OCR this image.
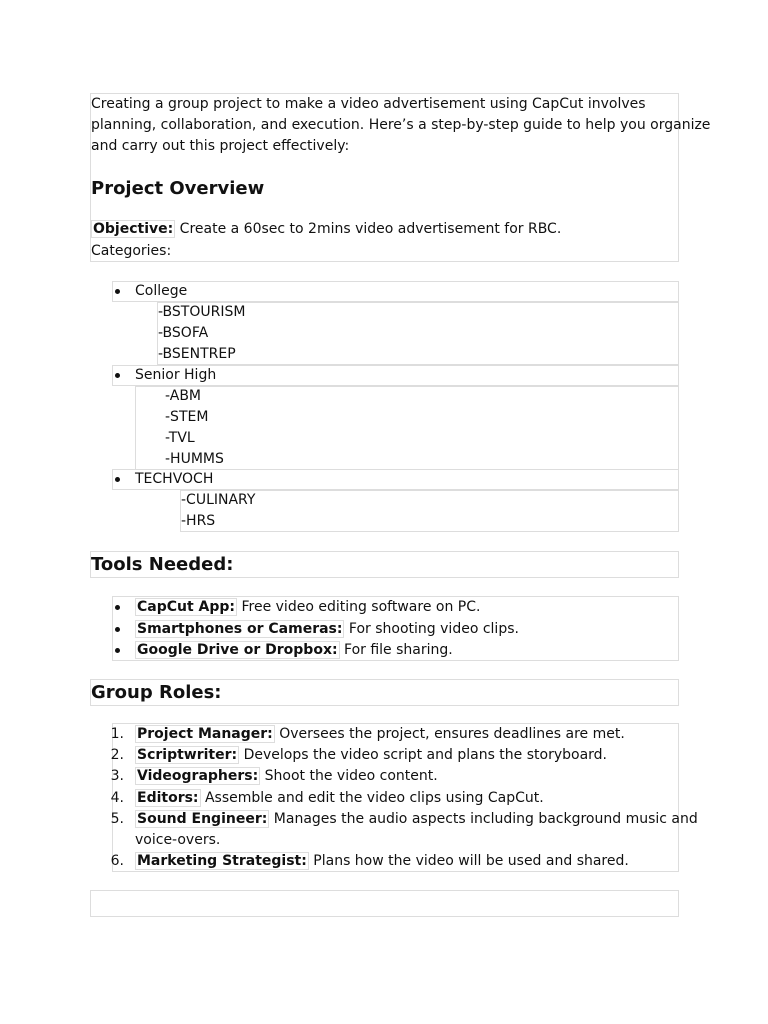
Creating a group project to make a video advertisement using CapCut involves
planning, collaboration, and execution. Here’s a step-by-step guide to help you organize
and carry out this project effectively:
Project Overview
Objective: Create a 60sec to 2mins video advertisement for RBC.
Categories:
College
-BSTOURISM
-BSOFA
-BSENTREP
Senior High
-ABM
-STEM
-TVL
-HUMMS
TECHVOCH
-CULINARY
-HRS
Tools Needed:
CapCut App: Free video editing software on PC.
Smartphones or Cameras: For shooting video clips.
Google Drive or Dropbox: For file sharing.
Group Roles:
1. Project Manager: Oversees the project, ensures deadlines are met.
2. Scriptwriter: Develops the video script and plans the storyboard.
3. Videographers: Shoot the video content.
4. Editors: Assemble and edit the video clips using CapCut.
5. Sound Engineer: Manages the audio aspects including background music and
voice-overs.
6. Marketing Strategist: Plans how the video will be used and shared.
